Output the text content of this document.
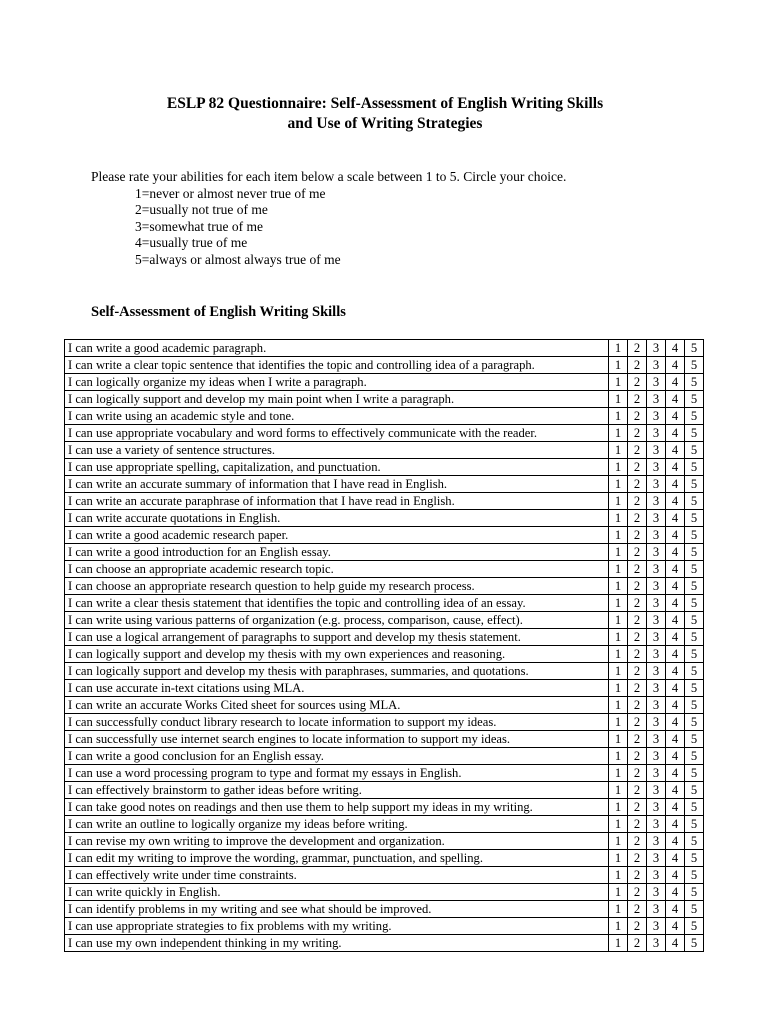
ESLP 82 Questionnaire: Self-Assessment of English Writing Skills
and Use of Writing Strategies
Please rate your abilities for each item below a scale between 1 to 5. Circle your choice.
1=never or almost never true of me
2=usually not true of me
3=somewhat true of me
4=usually true of me
5=always or almost always true of me
Self-Assessment of English Writing Skills
I can write a good academic paragraph.	1	2	3	4	5
I can write a clear topic sentence that identifies the topic and controlling idea of a paragraph.	1	2	3	4	5
I can logically organize my ideas when I write a paragraph.	1	2	3	4	5
I can logically support and develop my main point when I write a paragraph.	1	2	3	4	5
I can write using an academic style and tone.	1	2	3	4	5
I can use appropriate vocabulary and word forms to effectively communicate with the reader.	1	2	3	4	5
I can use a variety of sentence structures.	1	2	3	4	5
I can use appropriate spelling, capitalization, and punctuation.	1	2	3	4	5
I can write an accurate summary of information that I have read in English.	1	2	3	4	5
I can write an accurate paraphrase of information that I have read in English.	1	2	3	4	5
I can write accurate quotations in English.	1	2	3	4	5
I can write a good academic research paper.	1	2	3	4	5
I can write a good introduction for an English essay.	1	2	3	4	5
I can choose an appropriate academic research topic.	1	2	3	4	5
I can choose an appropriate research question to help guide my research process.	1	2	3	4	5
I can write a clear thesis statement that identifies the topic and controlling idea of an essay.	1	2	3	4	5
I can write using various patterns of organization (e.g. process, comparison, cause, effect).	1	2	3	4	5
I can use a logical arrangement of paragraphs to support and develop my thesis statement.	1	2	3	4	5
I can logically support and develop my thesis with my own experiences and reasoning.	1	2	3	4	5
I can logically support and develop my thesis with paraphrases, summaries, and quotations.	1	2	3	4	5
I can use accurate in-text citations using MLA.	1	2	3	4	5
I can write an accurate Works Cited sheet for sources using MLA.	1	2	3	4	5
I can successfully conduct library research to locate information to support my ideas.	1	2	3	4	5
I can successfully use internet search engines to locate information to support my ideas.	1	2	3	4	5
I can write a good conclusion for an English essay.	1	2	3	4	5
I can use a word processing program to type and format my essays in English.	1	2	3	4	5
I can effectively brainstorm to gather ideas before writing.	1	2	3	4	5
I can take good notes on readings and then use them to help support my ideas in my writing.	1	2	3	4	5
I can write an outline to logically organize my ideas before writing.	1	2	3	4	5
I can revise my own writing to improve the development and organization.	1	2	3	4	5
I can edit my writing to improve the wording, grammar, punctuation, and spelling.	1	2	3	4	5
I can effectively write under time constraints.	1	2	3	4	5
I can write quickly in English.	1	2	3	4	5
I can identify problems in my writing and see what should be improved.	1	2	3	4	5
I can use appropriate strategies to fix problems with my writing.	1	2	3	4	5
I can use my own independent thinking in my writing.	1	2	3	4	5
